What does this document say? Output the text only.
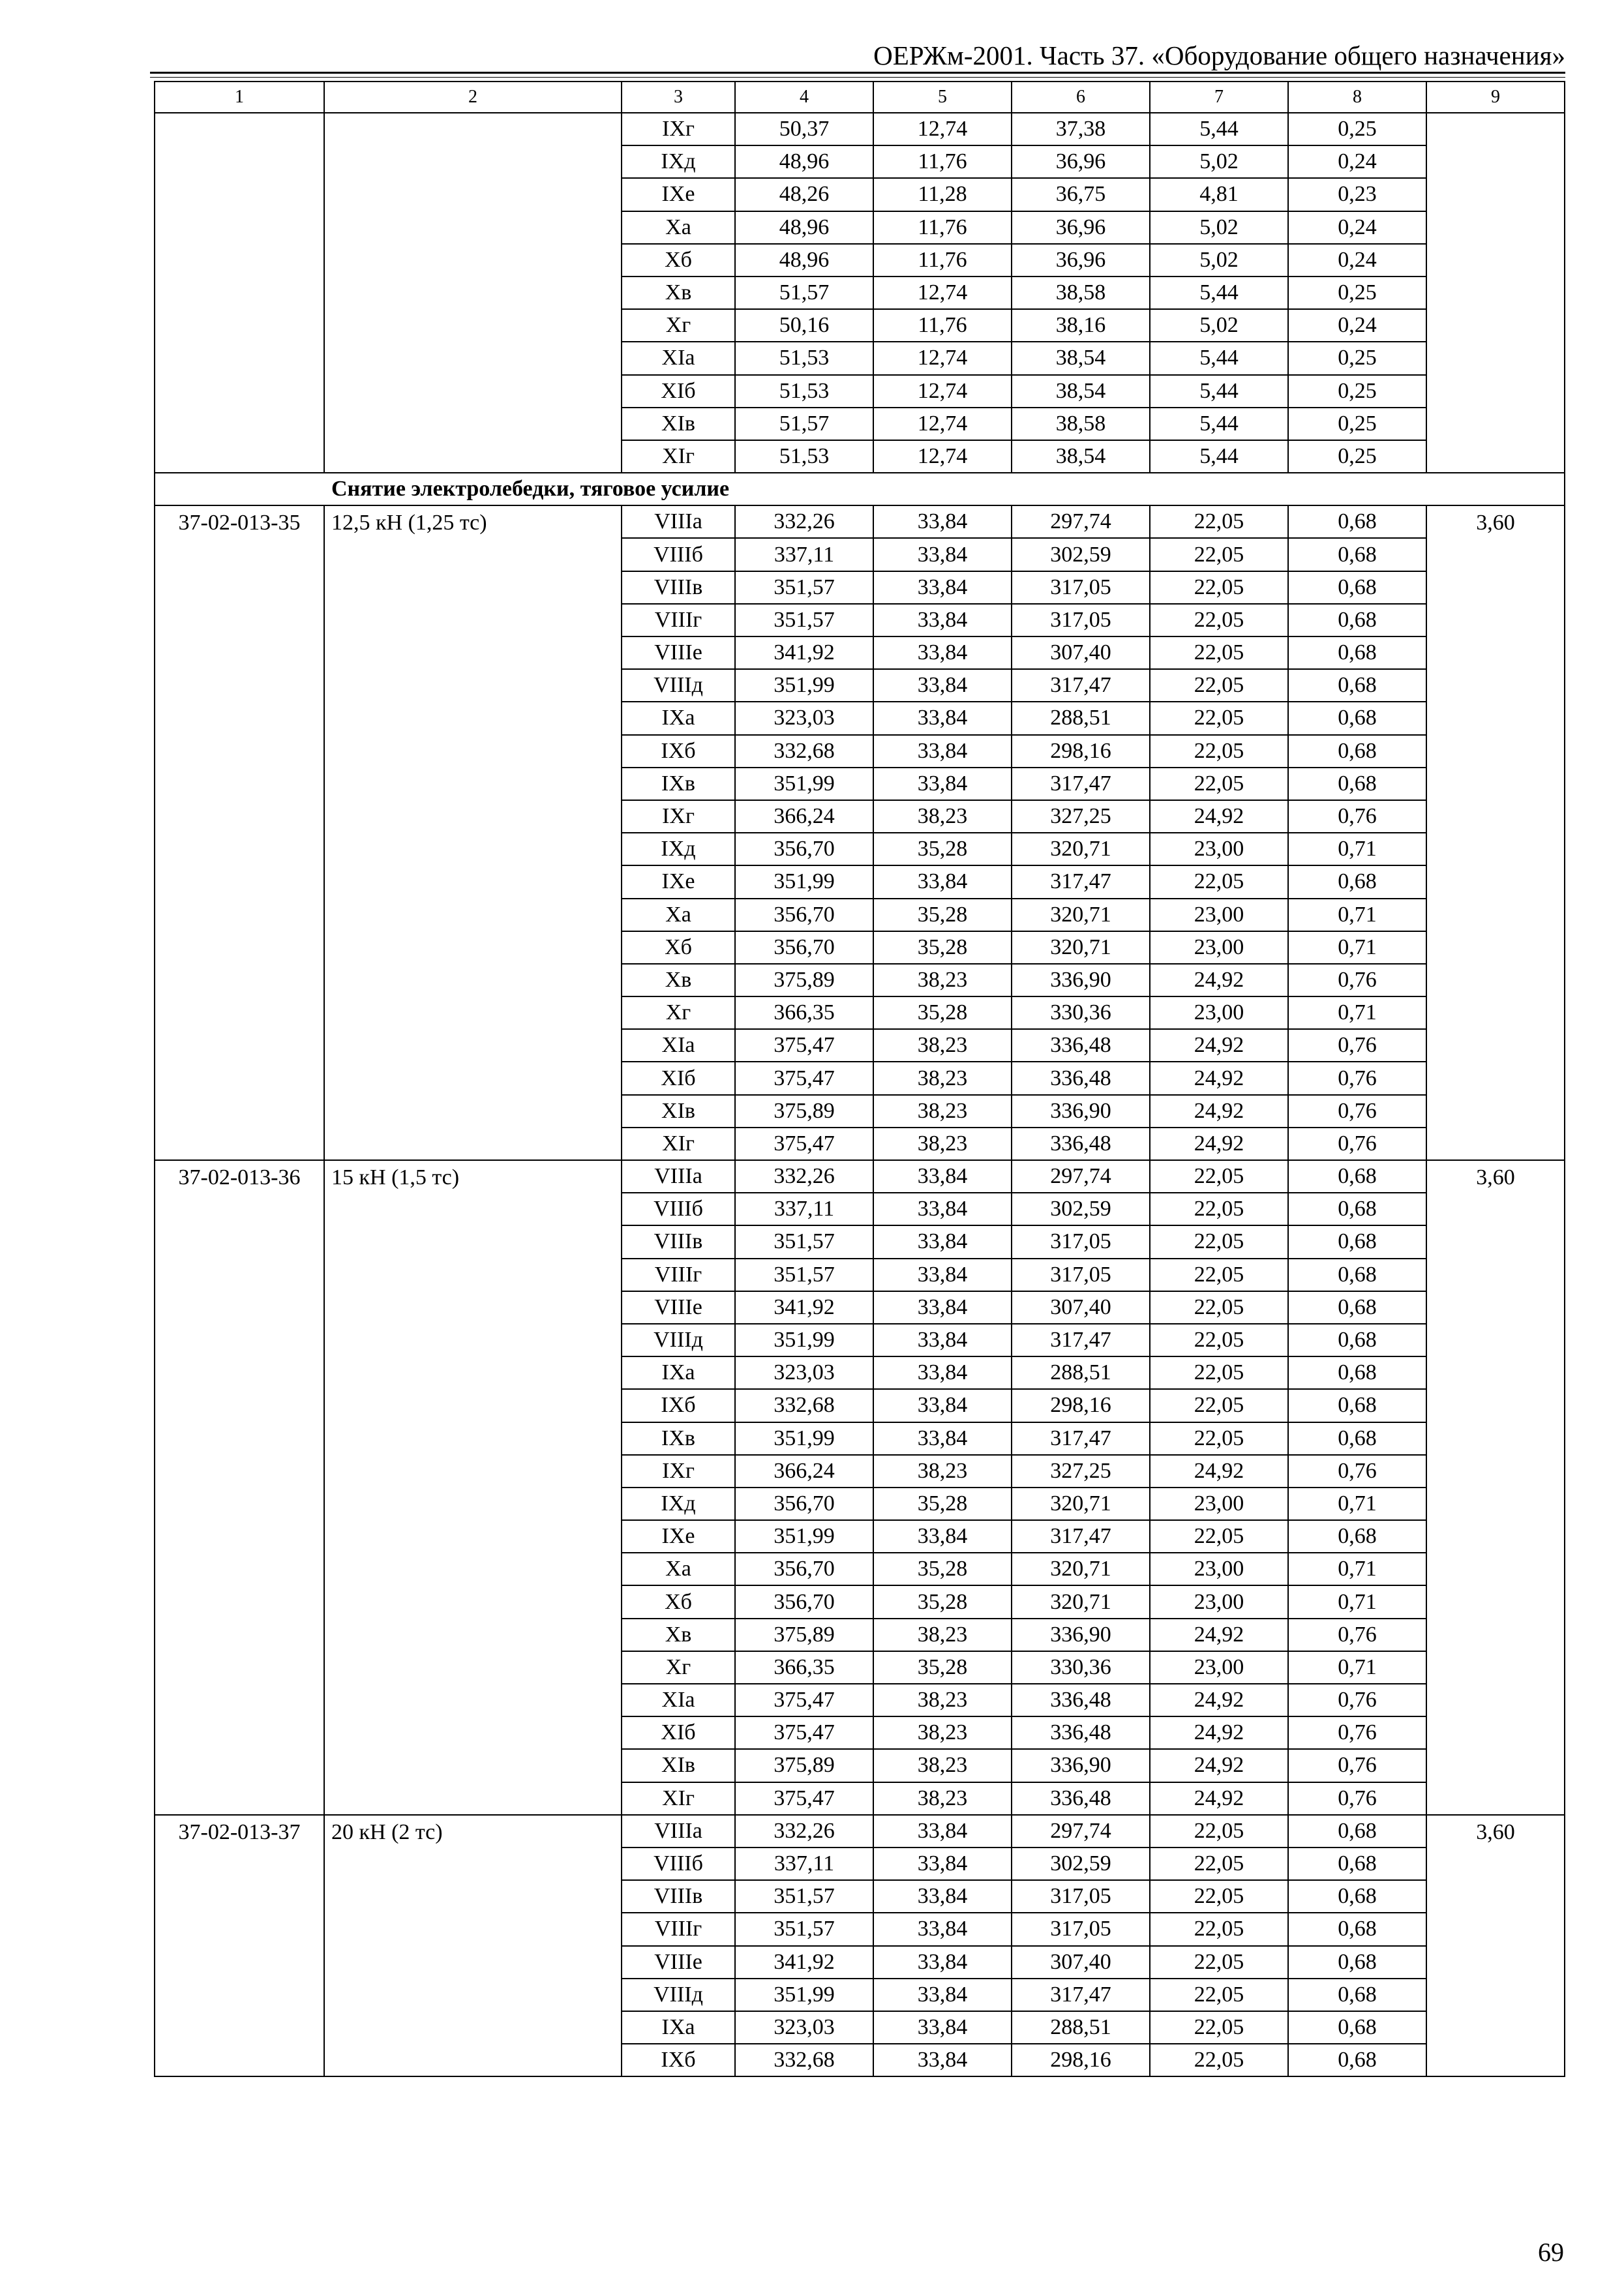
ОЕРЖм-2001. Часть 37. «Оборудование общего назначения»
1	2	3	4	5	6	7	8	9
		IXг	50,37	12,74	37,38	5,44	0,25	
		IXд	48,96	11,76	36,96	5,02	0,24	
		IXе	48,26	11,28	36,75	4,81	0,23	
		Xа	48,96	11,76	36,96	5,02	0,24	
		Xб	48,96	11,76	36,96	5,02	0,24	
		Xв	51,57	12,74	38,58	5,44	0,25	
		Xг	50,16	11,76	38,16	5,02	0,24	
		XIа	51,53	12,74	38,54	5,44	0,25	
		XIб	51,53	12,74	38,54	5,44	0,25	
		XIв	51,57	12,74	38,58	5,44	0,25	
		XIг	51,53	12,74	38,54	5,44	0,25	
Снятие электролебедки, тяговое усилие								
37-02-013-35	12,5 кН (1,25 тс)	VIIIа	332,26	33,84	297,74	22,05	0,68	3,60
		VIIIб	337,11	33,84	302,59	22,05	0,68	
		VIIIв	351,57	33,84	317,05	22,05	0,68	
		VIIIг	351,57	33,84	317,05	22,05	0,68	
		VIIIе	341,92	33,84	307,40	22,05	0,68	
		VIIIд	351,99	33,84	317,47	22,05	0,68	
		IXа	323,03	33,84	288,51	22,05	0,68	
		IXб	332,68	33,84	298,16	22,05	0,68	
		IXв	351,99	33,84	317,47	22,05	0,68	
		IXг	366,24	38,23	327,25	24,92	0,76	
		IXд	356,70	35,28	320,71	23,00	0,71	
		IXе	351,99	33,84	317,47	22,05	0,68	
		Xа	356,70	35,28	320,71	23,00	0,71	
		Xб	356,70	35,28	320,71	23,00	0,71	
		Xв	375,89	38,23	336,90	24,92	0,76	
		Xг	366,35	35,28	330,36	23,00	0,71	
		XIа	375,47	38,23	336,48	24,92	0,76	
		XIб	375,47	38,23	336,48	24,92	0,76	
		XIв	375,89	38,23	336,90	24,92	0,76	
		XIг	375,47	38,23	336,48	24,92	0,76	
37-02-013-36	15 кН (1,5 тс)	VIIIа	332,26	33,84	297,74	22,05	0,68	3,60
		VIIIб	337,11	33,84	302,59	22,05	0,68	
		VIIIв	351,57	33,84	317,05	22,05	0,68	
		VIIIг	351,57	33,84	317,05	22,05	0,68	
		VIIIе	341,92	33,84	307,40	22,05	0,68	
		VIIIд	351,99	33,84	317,47	22,05	0,68	
		IXа	323,03	33,84	288,51	22,05	0,68	
		IXб	332,68	33,84	298,16	22,05	0,68	
		IXв	351,99	33,84	317,47	22,05	0,68	
		IXг	366,24	38,23	327,25	24,92	0,76	
		IXд	356,70	35,28	320,71	23,00	0,71	
		IXе	351,99	33,84	317,47	22,05	0,68	
		Xа	356,70	35,28	320,71	23,00	0,71	
		Xб	356,70	35,28	320,71	23,00	0,71	
		Xв	375,89	38,23	336,90	24,92	0,76	
		Xг	366,35	35,28	330,36	23,00	0,71	
		XIа	375,47	38,23	336,48	24,92	0,76	
		XIб	375,47	38,23	336,48	24,92	0,76	
		XIв	375,89	38,23	336,90	24,92	0,76	
		XIг	375,47	38,23	336,48	24,92	0,76	
37-02-013-37	20 кН (2 тс)	VIIIа	332,26	33,84	297,74	22,05	0,68	3,60
		VIIIб	337,11	33,84	302,59	22,05	0,68	
		VIIIв	351,57	33,84	317,05	22,05	0,68	
		VIIIг	351,57	33,84	317,05	22,05	0,68	
		VIIIе	341,92	33,84	307,40	22,05	0,68	
		VIIIд	351,99	33,84	317,47	22,05	0,68	
		IXа	323,03	33,84	288,51	22,05	0,68	
		IXб	332,68	33,84	298,16	22,05	0,68	
69
